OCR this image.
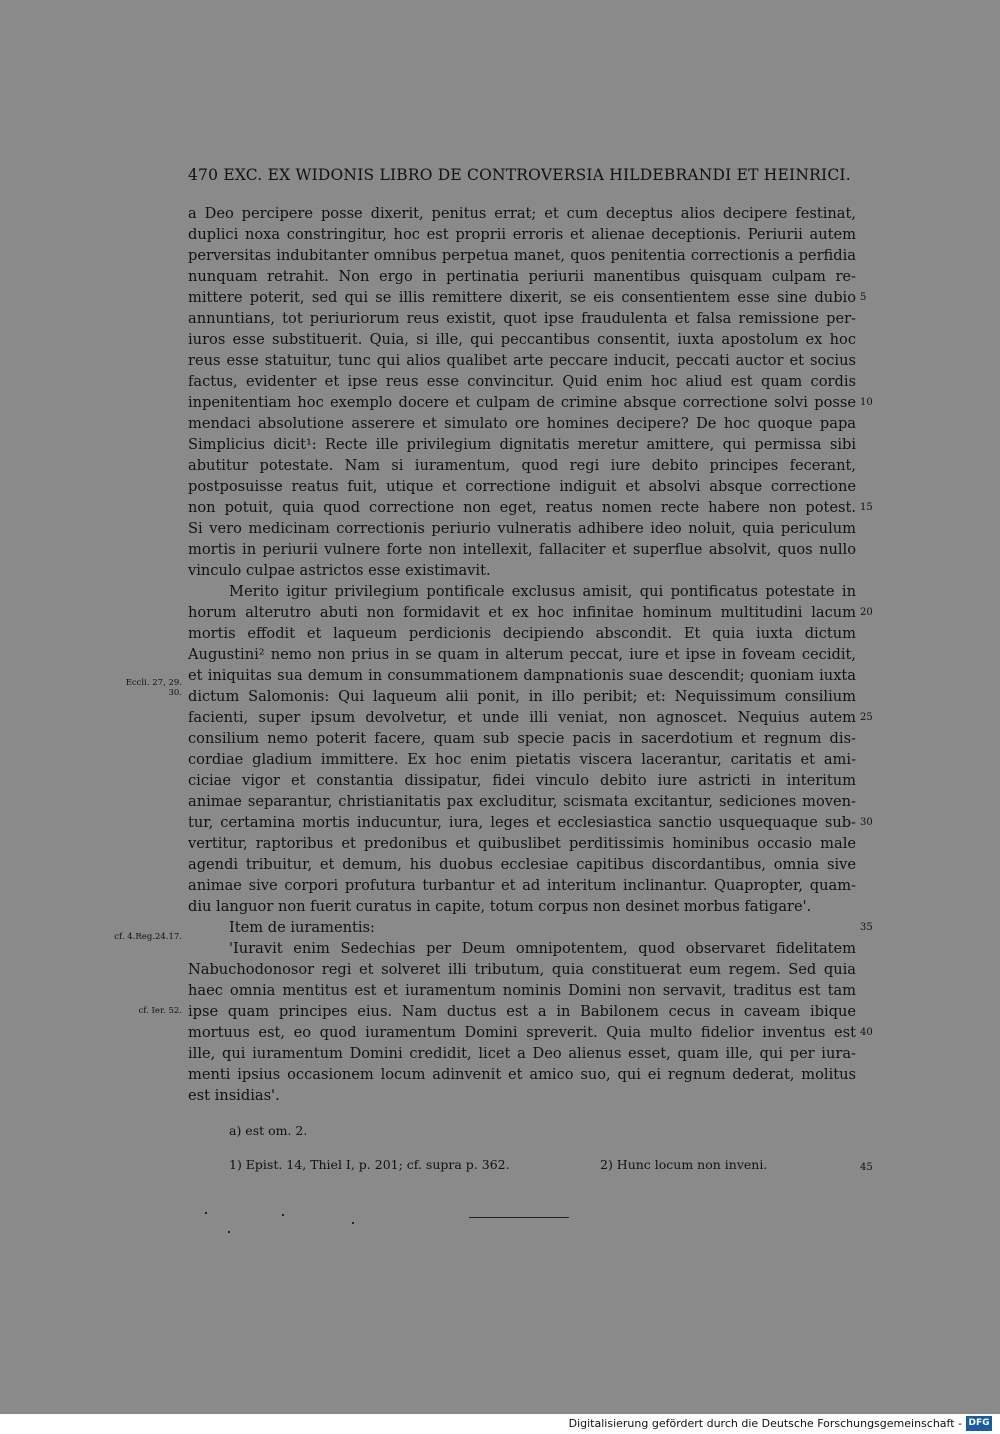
470 EXC. EX WIDONIS LIBRO DE CONTROVERSIA HILDEBRANDI ET HEINRICI.
a Deo percipere posse dixerit, penitus errat; et cum deceptus alios decipere festinat,
duplici noxa constringitur, hoc est proprii erroris et alienae deceptionis. Periurii autem
perversitas indubitanter omnibus perpetua manet, quos penitentia correctionis a perfidia
nunquam retrahit. Non ergo in pertinatia periurii manentibus quisquam culpam re-
mittere poterit, sed qui se illis remittere dixerit, se eis consentientem esse sine dubio
annuntians, tot periuriorum reus existit, quot ipse fraudulenta et falsa remissione per-
iuros esse substituerit. Quia, si ille, qui peccantibus consentit, iuxta apostolum ex hoc
reus esse statuitur, tunc qui alios qualibet arte peccare inducit, peccati auctor et socius
factus, evidenter et ipse reus esse convincitur. Quid enim hoc aliud est quam cordis
inpenitentiam hoc exemplo docere et culpam de crimine absque correctione solvi posse
mendaci absolutione asserere et simulato ore homines decipere? De hoc quoque papa
Simplicius dicit¹: Recte ille privilegium dignitatis meretur amittere, qui permissa sibi
abutitur potestate. Nam si iuramentum, quod regi iure debito principes fecerant,
postposuisse reatus fuit, utique et correctione indiguit et absolvi absque correctione
non potuit, quia quod correctione non eget, reatus nomen recte habere non potest.
Si vero medicinam correctionis periurio vulneratis adhibere ideo noluit, quia periculum
mortis in periurii vulnere forte non intellexit, fallaciter et superflue absolvit, quos nullo
vinculo culpae astrictos esse existimavit.
Merito igitur privilegium pontificale exclusus amisit, qui pontificatus potestate in
horum alterutro abuti non formidavit et ex hoc infinitae hominum multitudini lacum
mortis effodit et laqueum perdicionis decipiendo abscondit. Et quia iuxta dictum
Augustini² nemo non prius in se quam in alterum peccat, iure et ipse in foveam cecidit,
et iniquitas sua demum in consummationem dampnationis suae descendit; quoniam iuxta
dictum Salomonis: Qui laqueum alii ponit, in illo peribit; et: Nequissimum consilium
facienti, super ipsum devolvetur, et unde illi veniat, non agnoscet. Nequius autem
consilium nemo poterit facere, quam sub specie pacis in sacerdotium et regnum dis-
cordiae gladium immittere. Ex hoc enim pietatis viscera lacerantur, caritatis et ami-
ciciae vigor et constantia dissipatur, fidei vinculo debito iure astricti in interitum
animae separantur, christianitatis pax excluditur, scismata excitantur, sediciones moven-
tur, certamina mortis inducuntur, iura, leges et ecclesiastica sanctio usquequaque sub-
vertitur, raptoribus et predonibus et quibuslibet perditissimis hominibus occasio male
agendi tribuitur, et demum, his duobus ecclesiae capitibus discordantibus, omnia sive
animae sive corpori profutura turbantur et ad interitum inclinantur. Quapropter, quam-
diu languor non fuerit curatus in capite, totum corpus non desinet morbus fatigare'.
Item de iuramentis:
'Iuravit enim Sedechias per Deum omnipotentem, quod observaret fidelitatem
Nabuchodonosor regi et solveret illi tributum, quia constituerat eum regem. Sed quia
haec omnia mentitus est et iuramentum nominis Domini non servavit, traditus est tam
ipse quam principes eius. Nam ductus est a in Babilonem cecus in caveam ibique
mortuus est, eo quod iuramentum Domini spreverit. Quia multo fidelior inventus est
ille, qui iuramentum Domini credidit, licet a Deo alienus esset, quam ille, qui per iura-
menti ipsius occasionem locum adinvenit et amico suo, qui ei regnum dederat, molitus
est insidias'.
5
10
15
20
25
30
35
40
45
Eccli. 27, 29. 30.
cf. 4.Reg.24.17.
cf. Ier. 52.
a) est om. 2.
1) Epist. 14, Thiel I, p. 201; cf. supra p. 362.	2) Hunc locum non inveni.
Digitalisierung gefördert durch die Deutsche Forschungsgemeinschaft - DFG
